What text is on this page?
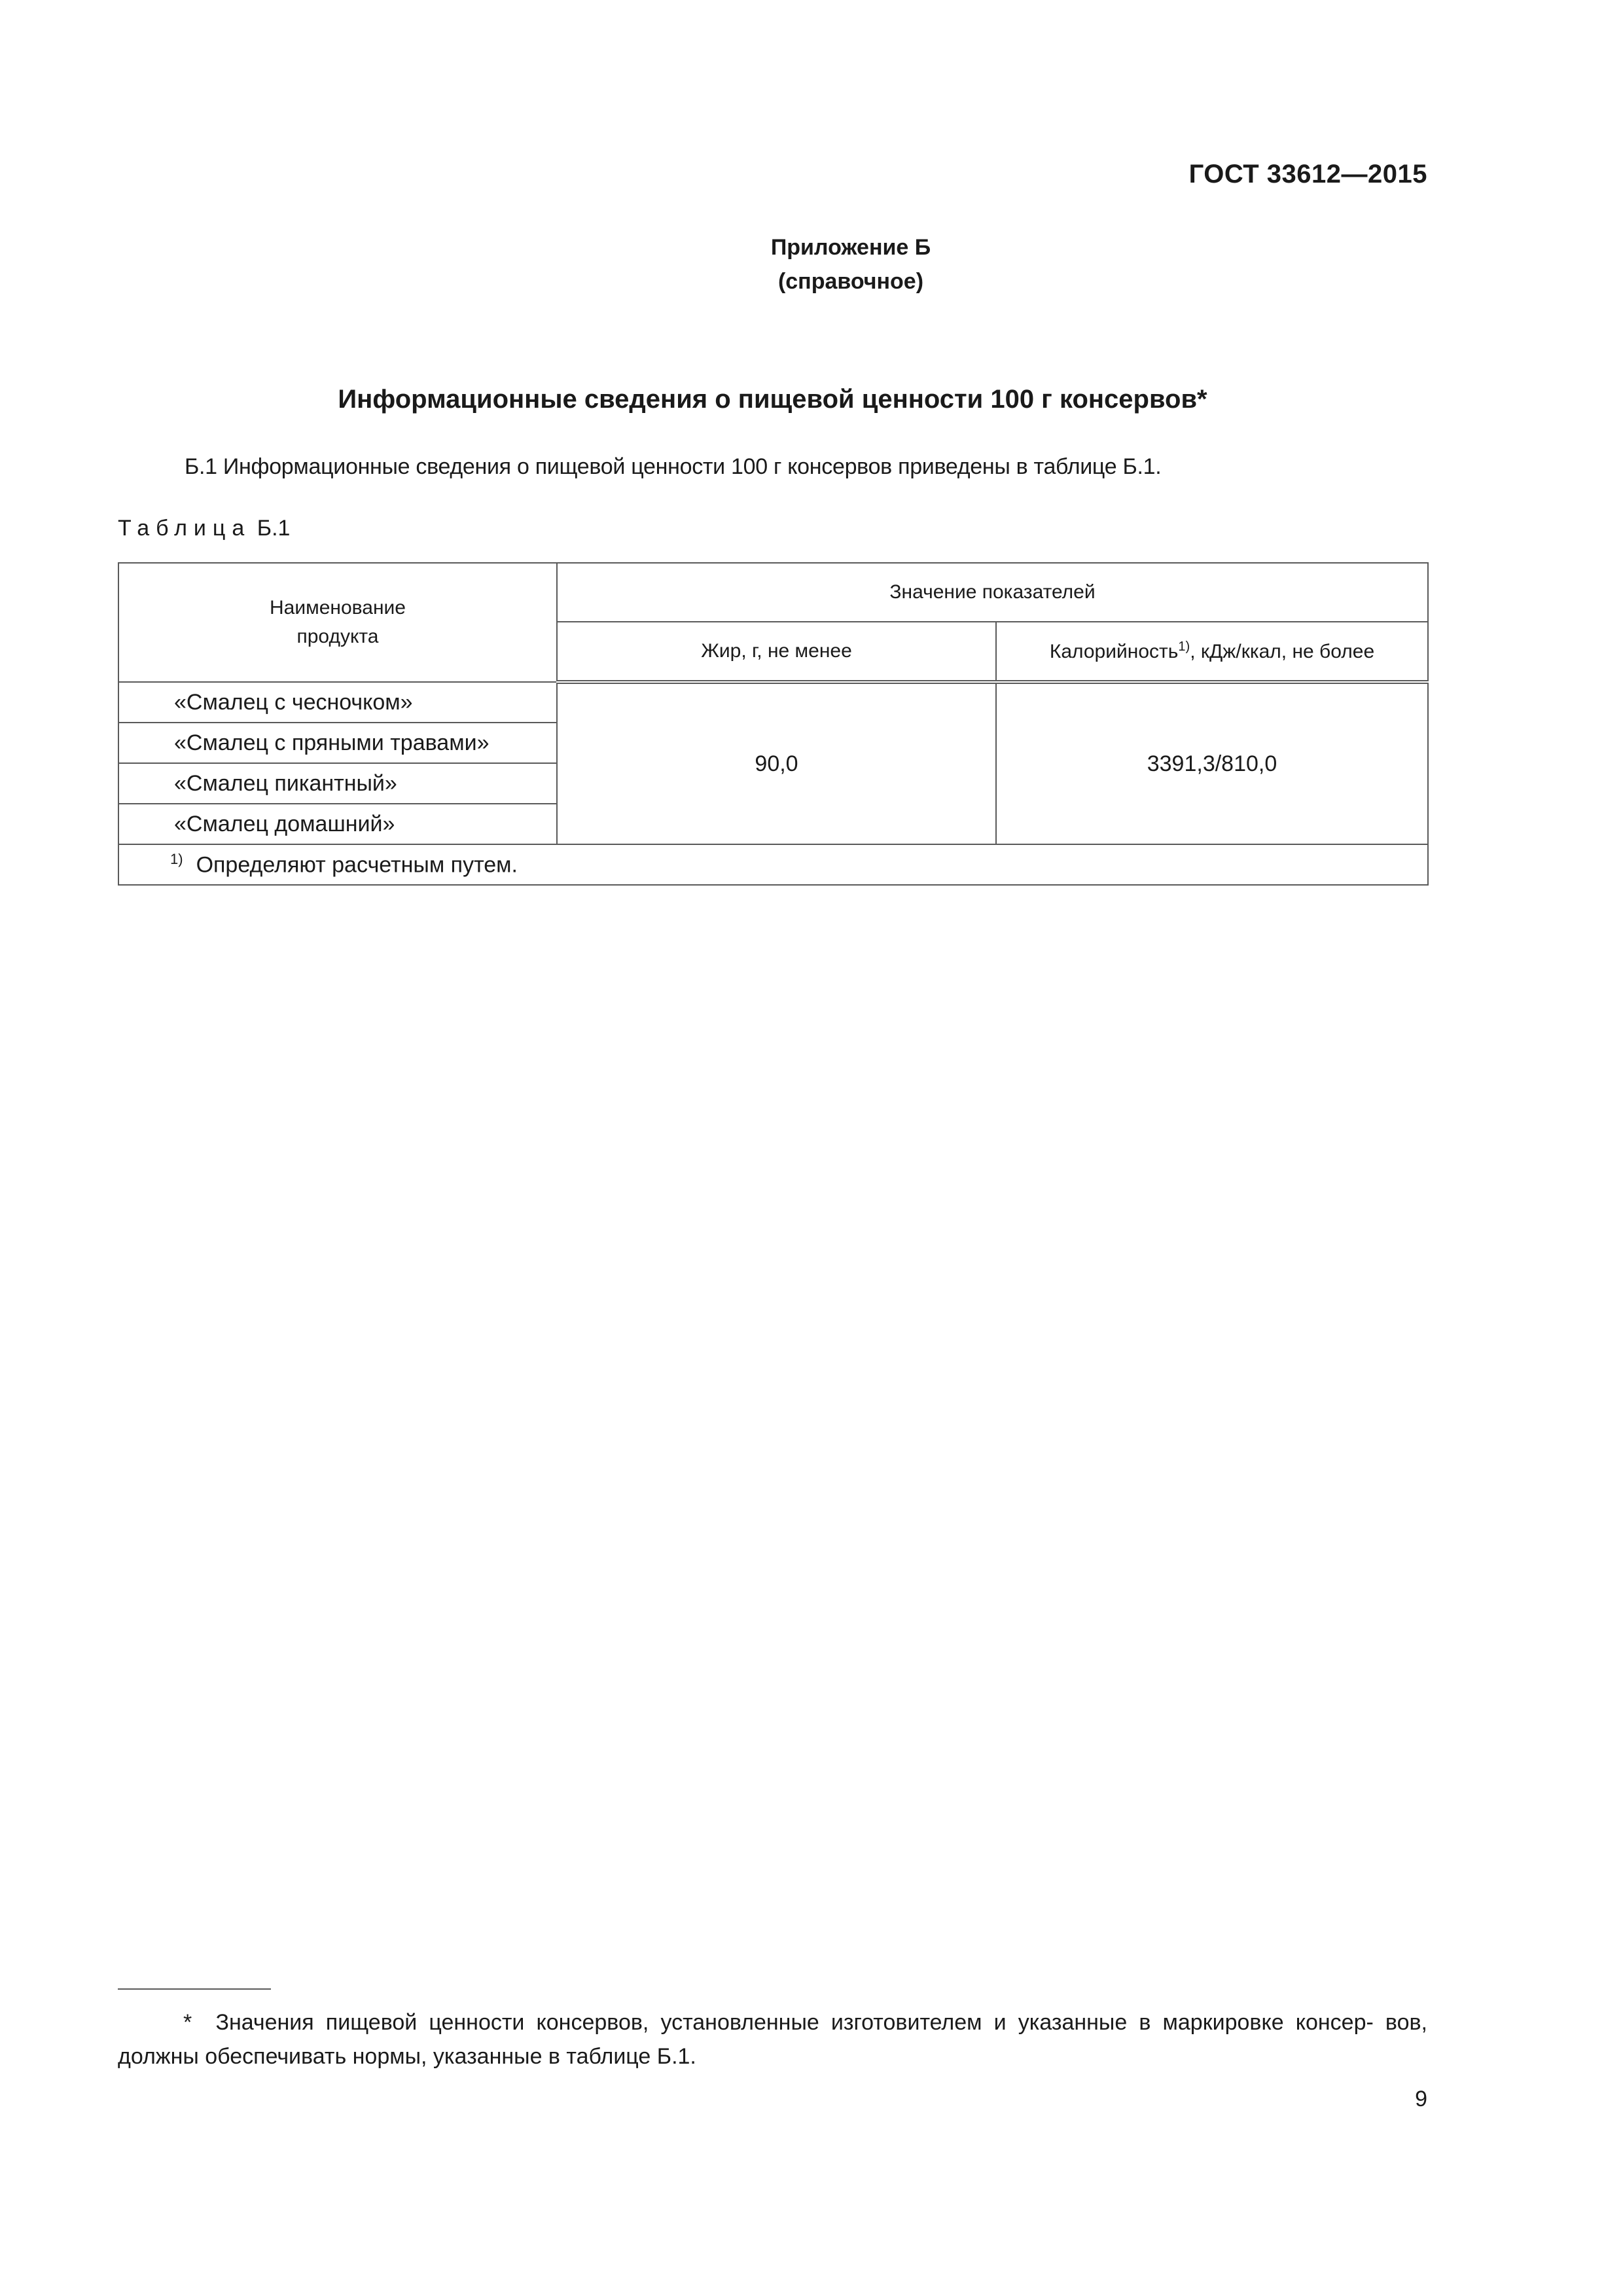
ГОСТ 33612—2015
Приложение Б
(справочное)
Информационные сведения о пищевой ценности 100 г консервов*
Б.1 Информационные сведения о пищевой ценности 100 г консервов приведены в таблице Б.1.
Таблица Б.1
Наименование продукта	Значение показателей	
	Жир, г, не менее	Калорийность$^{1)}$, кДж/ккал, не более
«Смалец с чесночком»	90,0	3391,3/810,0
«Смалец с пряными травами»		
«Смалец пикантный»		
«Смалец домашний»		
$^{1)}$ Определяют расчетным путем.		
* Значения пищевой ценности консервов, установленные изготовителем и указанные в маркировке консер- вов, должны обеспечивать нормы, указанные в таблице Б.1.
9
